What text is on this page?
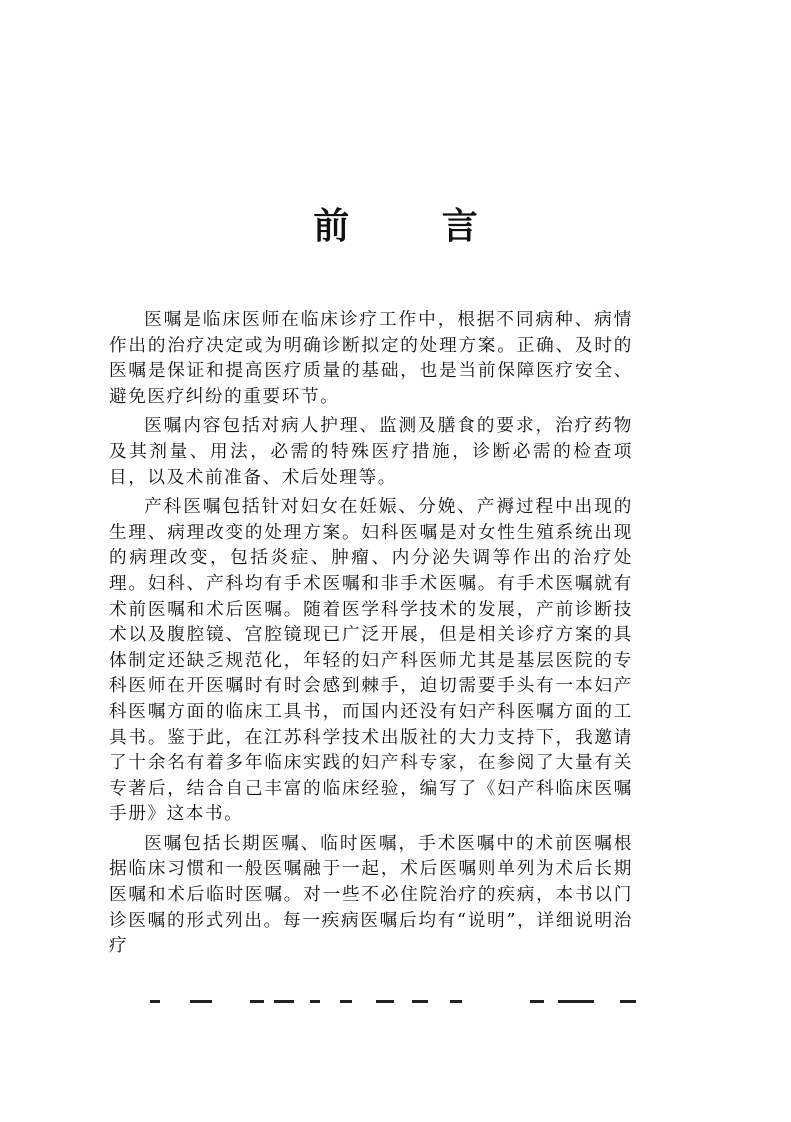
前 言

医嘱是临床医师在临床诊疗工作中，根据不同病种、病情作出的治疗决定或为明确诊断拟定的处理方案。正确、及时的医嘱是保证和提高医疗质量的基础，也是当前保障医疗安全、避免医疗纠纷的重要环节。

医嘱内容包括对病人护理、监测及膳食的要求，治疗药物及其剂量、用法，必需的特殊医疗措施，诊断必需的检查项目，以及术前准备、术后处理等。

产科医嘱包括针对妇女在妊娠、分娩、产褥过程中出现的生理、病理改变的处理方案。妇科医嘱是对女性生殖系统出现的病理改变，包括炎症、肿瘤、内分泌失调等作出的治疗处理。妇科、产科均有手术医嘱和非手术医嘱。有手术医嘱就有术前医嘱和术后医嘱。随着医学科学技术的发展，产前诊断技术以及腹腔镜、宫腔镜现已广泛开展，但是相关诊疗方案的具体制定还缺乏规范化，年轻的妇产科医师尤其是基层医院的专科医师在开医嘱时有时会感到棘手，迫切需要手头有一本妇产科医嘱方面的临床工具书，而国内还没有妇产科医嘱方面的工具书。鉴于此，在江苏科学技术出版社的大力支持下，我邀请了十余名有着多年临床实践的妇产科专家，在参阅了大量有关专著后，结合自己丰富的临床经验，编写了《妇产科临床医嘱手册》这本书。

医嘱包括长期医嘱、临时医嘱，手术医嘱中的术前医嘱根据临床习惯和一般医嘱融于一起，术后医嘱则单列为术后长期医嘱和术后临时医嘱。对一些不必住院治疗的疾病，本书以门诊医嘱的形式列出。每一疾病医嘱后均有“说明”，详细说明治疗
